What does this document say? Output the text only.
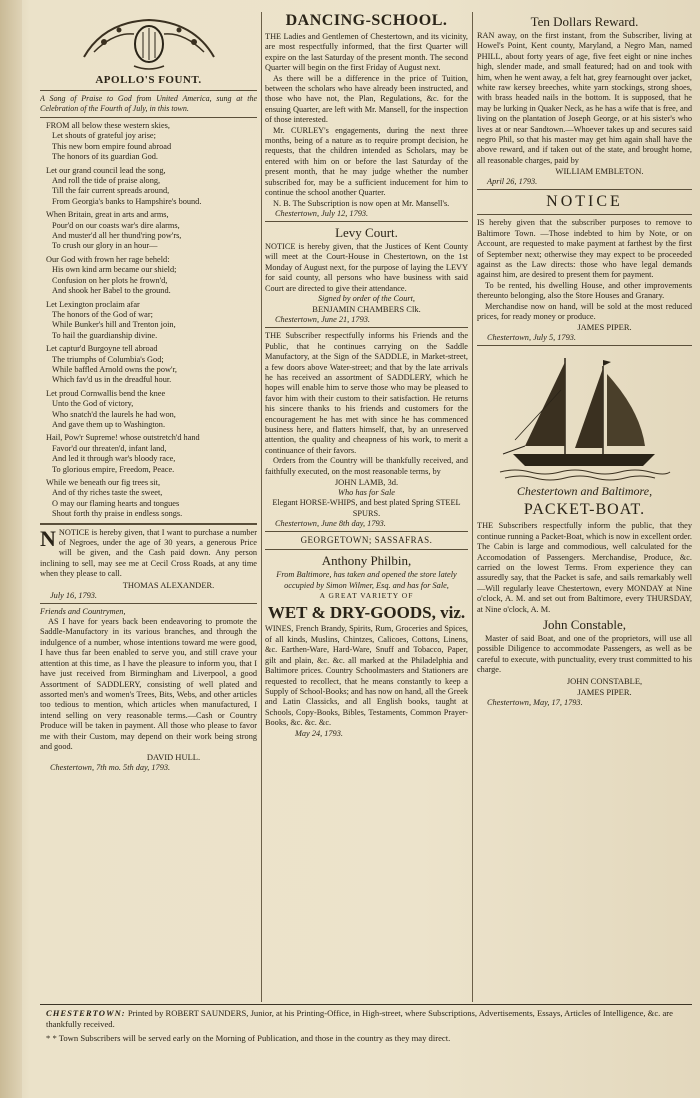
APOLLO'S FOUNT.

A Song of Praise to God from United America, sung at the Celebration of the Fourth of July, in this town.

FROM all below these western skies,

Let shouts of grateful joy arise;

This new born empire found abroad

The honors of its guardian God.

Let our grand council lead the song,

And roll the tide of praise along,

Till the fair current spreads around,

From Georgia's banks to Hampshire's bound.

When Britain, great in arts and arms,

Pour'd on our coasts war's dire alarms,

And muster'd all her thund'ring pow'rs,

To crush our glory in an hour—

Our God with frown her rage beheld:

His own kind arm became our shield;

Confusion on her plots he frown'd,

And shook her Babel to the ground.

Let Lexington proclaim afar

The honors of the God of war;

While Bunker's hill and Trenton join,

To hail the guardianship divine.

Let captur'd Burgoyne tell abroad

The triumphs of Columbia's God;

While baffled Arnold owns the pow'r,

Which fav'd us in the dreadful hour.

Let proud Cornwallis bend the knee

Unto the God of victory,

Who snatch'd the laurels he had won,

And gave them up to Washington.

Hail, Pow'r Supreme! whose outstretch'd hand

Favor'd our threaten'd, infant land,

And led it through war's bloody race,

To glorious empire, Freedom, Peace.

While we beneath our fig trees sit,

And of thy riches taste the sweet,

O may our flaming hearts and tongues

Shout forth thy praise in endless songs.

NNOTICE is hereby given, that I want to purchase a number of Negroes, under the age of 30 years, a generous Price will be given, and the Cash paid down. Any person inclining to sell, may see me at Cecil Cross Roads, at any time when they please to call.

THOMAS ALEXANDER.
July 16, 1793.

Friends and Countrymen,

AS I have for years back been endeavoring to promote the Saddle-Manufactory in its various branches, and through the indulgence of a number, whose intentions toward me were good, I have thus far been enabled to serve you, and still crave your attention at this time, as I have the pleasure to inform you, that I have just received from Birmingham and Liverpool, a good Assortment of SADDLERY, consisting of well plated and assorted men's and women's Trees, Bits, Webs, and other articles too tedious to mention, which articles when manufactured, I intend selling on very reasonable terms.—Cash or Country Produce will be taken in payment. All those who please to favor me with their Custom, may depend on their work being strong and good.

DAVID HULL.
Chestertown, 7th mo. 5th day, 1793.
DANCING-SCHOOL.

THE Ladies and Gentlemen of Chestertown, and its vicinity, are most respectfully informed, that the first Quarter will expire on the last Saturday of the present month. The second Quarter will begin on the first Friday of August next.

As there will be a difference in the price of Tuition, between the scholars who have already been instructed, and those who have not, the Plan, Regulations, &c. for the ensuing Quarter, are left with Mr. Mansell, for the inspection of those interested.

Mr. CURLEY's engagements, during the next three months, being of a nature as to require prompt decision, he requests, that the children intended as Scholars, may be entered with him on or before the last Saturday of the present month, that he may judge whether the number subscribed for, may be a sufficient inducement for him to continue the school another Quarter.

N. B. The Subscription is now open at Mr. Mansell's.

Chestertown, July 12, 1793.
Levy Court.

NOTICE is hereby given, that the Justices of Kent County will meet at the Court-House in Chestertown, on the 1st Monday of August next, for the purpose of laying the LEVY for said county, all persons who have business with said Court are directed to give their attendance.

Signed by order of the Court,

BENJAMIN CHAMBERS Clk.
Chestertown, June 21, 1793.

THE Subscriber respectfully informs his Friends and the Public, that he continues carrying on the Saddle Manufactory, at the Sign of the SADDLE, in Market-street, a few doors above Water-street; and that by the late arrivals he has received an assortment of SADDLERY, which he hopes will enable him to serve those who may be pleased to favor him with their custom to their satisfaction. He returns his sincere thanks to his friends and customers for the encouragement he has met with since he has commenced business here, and flatters himself, that, by an unreserved attention, the quality and cheapness of his work, to merit a continuance of their favors.

Orders from the Country will be thankfully received, and faithfully executed, on the most reasonable terms, by

JOHN LAMB, 3d.

Who has for Sale

Elegant HORSE-WHIPS, and best plated Spring STEEL SPURS.

Chestertown, June 8th day, 1793.
GEORGETOWN; SASSAFRAS.
Anthony Philbin,

From Baltimore, has taken and opened the store lately occupied by Simon Wilmer, Esq. and has for Sale,

A GREAT VARIETY OF

WET & DRY-GOODS, viz.

WINES, French Brandy, Spirits, Rum, Groceries and Spices, of all kinds, Muslins, Chintzes, Calicoes, Cottons, Linens, &c. Earthen-Ware, Hard-Ware, Snuff and Tobacco, Paper, gilt and plain, &c. &c. all marked at the Philadelphia and Baltimore prices. Country Schoolmasters and Stationers are requested to recollect, that he means constantly to keep a Supply of School-Books; and has now on hand, all the Greek and Latin Classicks, and all English books, taught at Schools, Copy-Books, Bibles, Testaments, Common Prayer-Books, &c. &c. &c.

May 24, 1793.
Ten Dollars Reward.

RAN away, on the first instant, from the Subscriber, living at Howel's Point, Kent county, Maryland, a Negro Man, named PHILL, about forty years of age, five feet eight or nine inches high, slender made, and small featured; had on and took with him, when he went away, a felt hat, grey fearnought over jacket, white raw kersey breeches, white yarn stockings, strong shoes, with brass headed nails in the bottom. It is supposed, that he may be lurking in Quaker Neck, as he has a wife that is free, and living on the plantation of Joseph George, or at his sister's who lives at or near Sandtown.—Whoever takes up and secures said negro Phil, so that his master may get him again shall have the above reward, and if taken out of the state, and brought home, all reasonable charges, paid by

WILLIAM EMBLETON.
April 26, 1793.
NOTICE

IS hereby given that the subscriber purposes to remove to Baltimore Town. —Those indebted to him by Note, or on Account, are requested to make payment at farthest by the first of September next; otherwise they may expect to be proceeded against as the Law directs: those who have legal demands against him, are desired to present them for payment.

To be rented, his dwelling House, and other improvements thereunto belonging, also the Store Houses and Granary.

Merchandise now on hand, will be sold at the most reduced prices, for ready money or produce.

JAMES PIPER.
Chestertown, July 5, 1793.
Chestertown and Baltimore,
PACKET-BOAT.

THE Subscribers respectfully inform the public, that they continue running a Packet-Boat, which is now in excellent order. The Cabin is large and commodious, well calculated for the Accomodation of Passengers. Merchandise, Produce, &c. carried on the lowest Terms. From experience they can assuredly say, that the Packet is safe, and sails remarkably well—Will regularly leave Chestertown, every MONDAY at Nine o'clock, A. M. and set out from Baltimore, every THURSDAY, at Nine o'clock, A. M.

John Constable,

Master of said Boat, and one of the proprietors, will use all possible Diligence to accommodate Passengers, as well as be careful to execute, with punctuality, every trust committed to his charge.

JOHN CONSTABLE,
JAMES PIPER.
Chestertown, May, 17, 1793.

CHESTERTOWN: Printed by ROBERT SAUNDERS, Junior, at his Printing-Office, in High-street, where Subscriptions, Advertisements, Essays, Articles of Intelligence, &c. are thankfully received.

* * Town Subscribers will be served early on the Morning of Publication, and those in the country as they may direct.
